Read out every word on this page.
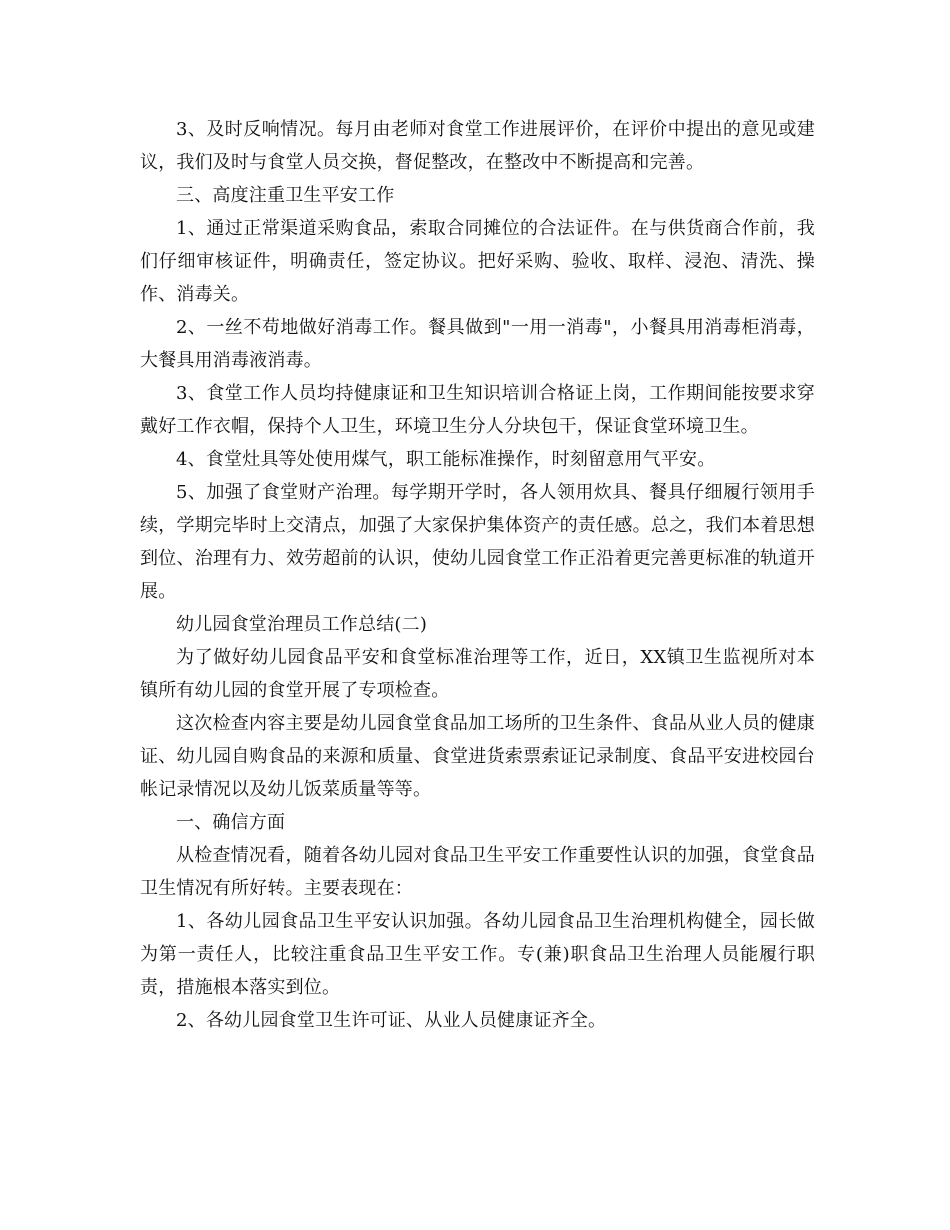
3、及时反响情况。每月由老师对食堂工作进展评价，在评价中提出的意见或建议，我们及时与食堂人员交换，督促整改，在整改中不断提高和完善。

三、高度注重卫生平安工作

1、通过正常渠道采购食品，索取合同摊位的合法证件。在与供货商合作前，我们仔细审核证件，明确责任，签定协议。把好采购、验收、取样、浸泡、清洗、操作、消毒关。

2、一丝不苟地做好消毒工作。餐具做到"一用一消毒"，小餐具用消毒柜消毒，大餐具用消毒液消毒。

3、食堂工作人员均持健康证和卫生知识培训合格证上岗，工作期间能按要求穿戴好工作衣帽，保持个人卫生，环境卫生分人分块包干，保证食堂环境卫生。

4、食堂灶具等处使用煤气，职工能标准操作，时刻留意用气平安。

5、加强了食堂财产治理。每学期开学时，各人领用炊具、餐具仔细履行领用手续，学期完毕时上交清点，加强了大家保护集体资产的责任感。总之，我们本着思想到位、治理有力、效劳超前的认识，使幼儿园食堂工作正沿着更完善更标准的轨道开展。

幼儿园食堂治理员工作总结(二)

为了做好幼儿园食品平安和食堂标准治理等工作，近日，XX镇卫生监视所对本镇所有幼儿园的食堂开展了专项检查。

这次检查内容主要是幼儿园食堂食品加工场所的卫生条件、食品从业人员的健康证、幼儿园自购食品的来源和质量、食堂进货索票索证记录制度、食品平安进校园台帐记录情况以及幼儿饭菜质量等等。

一、确信方面

从检查情况看，随着各幼儿园对食品卫生平安工作重要性认识的加强，食堂食品卫生情况有所好转。主要表现在：

1、各幼儿园食品卫生平安认识加强。各幼儿园食品卫生治理机构健全，园长做为第一责任人，比较注重食品卫生平安工作。专(兼)职食品卫生治理人员能履行职责，措施根本落实到位。

2、各幼儿园食堂卫生许可证、从业人员健康证齐全。
